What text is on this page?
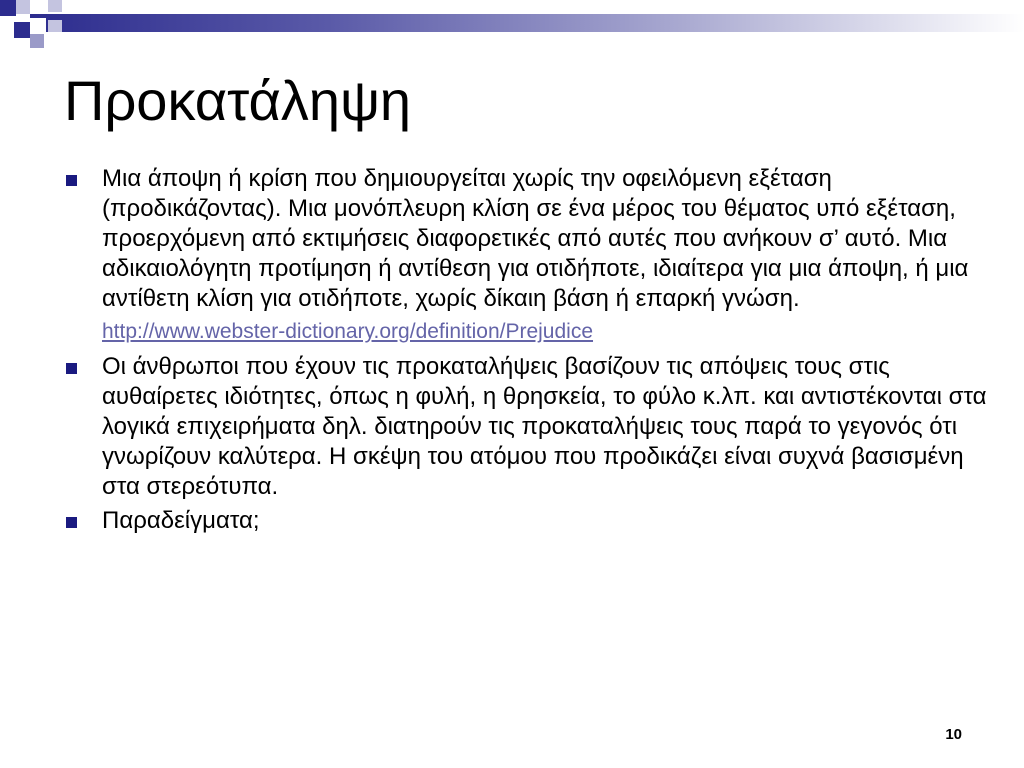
Προκατάληψη
Μια άποψη ή κρίση που δημιουργείται χωρίς την οφειλόμενη εξέταση (προδικάζοντας). Μια μονόπλευρη κλίση σε ένα μέρος του θέματος υπό εξέταση, προερχόμενη από εκτιμήσεις διαφορετικές από αυτές που ανήκουν σ’ αυτό. Μια αδικαιολόγητη προτίμηση ή αντίθεση για οτιδήποτε, ιδιαίτερα για μια άποψη, ή μια αντίθετη κλίση για οτιδήποτε, χωρίς δίκαιη βάση ή επαρκή γνώση.
http://www.webster-dictionary.org/definition/Prejudice
Οι άνθρωποι που έχουν τις προκαταλήψεις βασίζουν τις απόψεις τους στις αυθαίρετες ιδιότητες, όπως η φυλή, η θρησκεία, το φύλο κ.λπ. και αντιστέκονται στα λογικά επιχειρήματα δηλ. διατηρούν τις προκαταλήψεις τους παρά το γεγονός ότι γνωρίζουν καλύτερα. Η σκέψη του ατόμου που προδικάζει είναι συχνά βασισμένη στα στερεότυπα.
Παραδείγματα;
10
